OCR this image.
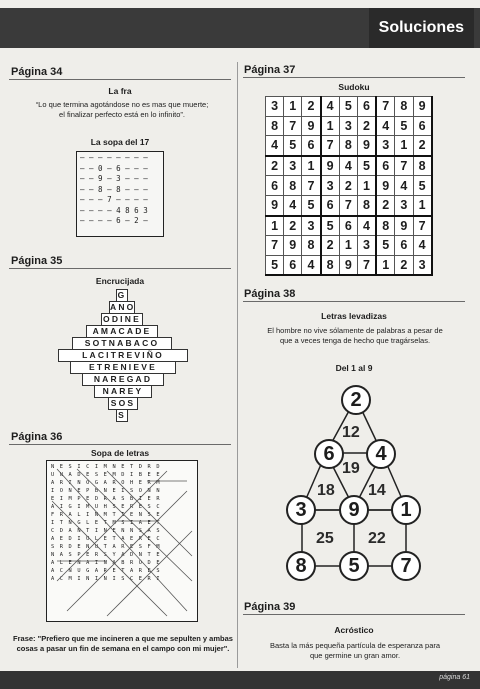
Soluciones
Página 34
La fra
“Lo que termina agotándose no es mas que muerte;
el finalizar perfecto está en lo infinito”.
La sopa del 17
– – – – – – – –
– – 0 – 6 – – –
– – 9 – 3 – – –
– – 8 – 8 – – –
– – – 7 – – – –
– – – – 4 8 6 3
– – – – 6 – 2 –
Página 35
Encrucijada
G
ANO
ODINE
AMACADE
SOTNABACO
LACITREVIÑO
ETRENIEVE
NAREGAD
NAREY
SOS
S
Página 36
Sopa de letras
N E S I C I M N E T D R D
U N A D E S E M D I B E E
A R I N O G A R O H E R M
I O N E P B N E I S O N N
E I M P E D R A S B I E R
A I G I M U H S E R E S C
F R A L I N M T I E N S E
I T N G L E T M S I A E T
C D A N T I N E N N S A S
A E D I U L E T A E R E C
S R D E N U T A R E S F M
N A S P E R S Y A D N T E
A L E N A I N A B R O D E
A C N U G A R E T A R E S
A C M I N I N I S C E R I
Frase: "Prefiero que me incineren a que me sepulten y ambas cosas a pasar un fin de semana en el campo con mi mujer".
Página 37
Sudoku
3	1	2	4	5	6	7	8	9
8	7	9	1	3	2	4	5	6
4	5	6	7	8	9	3	1	2
2	3	1	9	4	5	6	7	8
6	8	7	3	2	1	9	4	5
9	4	5	6	7	8	2	3	1
1	2	3	5	6	4	8	9	7
7	9	8	2	1	3	5	6	4
5	6	4	8	9	7	1	2	3
Página 38
Letras levadizas
El hombre no vive sólamente de palabras a pesar de
que a veces tenga de hecho que tragárselas.
Del 1 al 9
2
6	4
3	9	1
8	5	7
12
19
18 14
25 22
Página 39
Acróstico
Basta la más pequeña partícula de esperanza para
que germine un gran amor.
página 61
